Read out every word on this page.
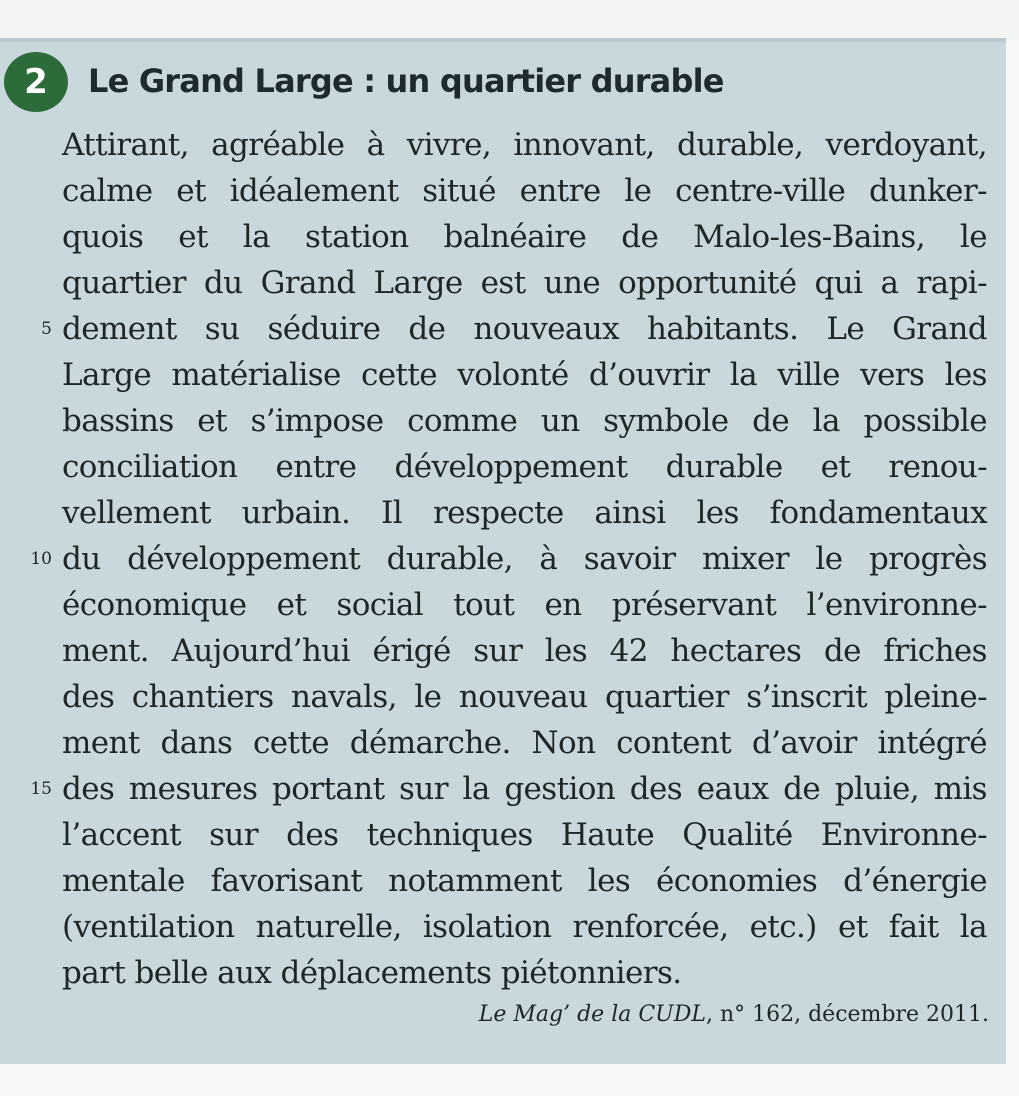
2 Le Grand Large : un quartier durable
5
10
15
Attirant, agréable à vivre, innovant, durable, verdoyant,
calme et idéalement situé entre le centre-ville dunker-
quois et la station balnéaire de Malo-les-Bains, le
quartier du Grand Large est une opportunité qui a rapi-
dement su séduire de nouveaux habitants. Le Grand
Large matérialise cette volonté d’ouvrir la ville vers les
bassins et s’impose comme un symbole de la possible
conciliation entre développement durable et renou-
vellement urbain. Il respecte ainsi les fondamentaux
du développement durable, à savoir mixer le progrès
économique et social tout en préservant l’environne-
ment. Aujourd’hui érigé sur les 42 hectares de friches
des chantiers navals, le nouveau quartier s’inscrit pleine-
ment dans cette démarche. Non content d’avoir intégré
des mesures portant sur la gestion des eaux de pluie, mis
l’accent sur des techniques Haute Qualité Environne-
mentale favorisant notamment les économies d’énergie
(ventilation naturelle, isolation renforcée, etc.) et fait la
part belle aux déplacements piétonniers.
Le Mag’ de la CUDL, n° 162, décembre 2011.
